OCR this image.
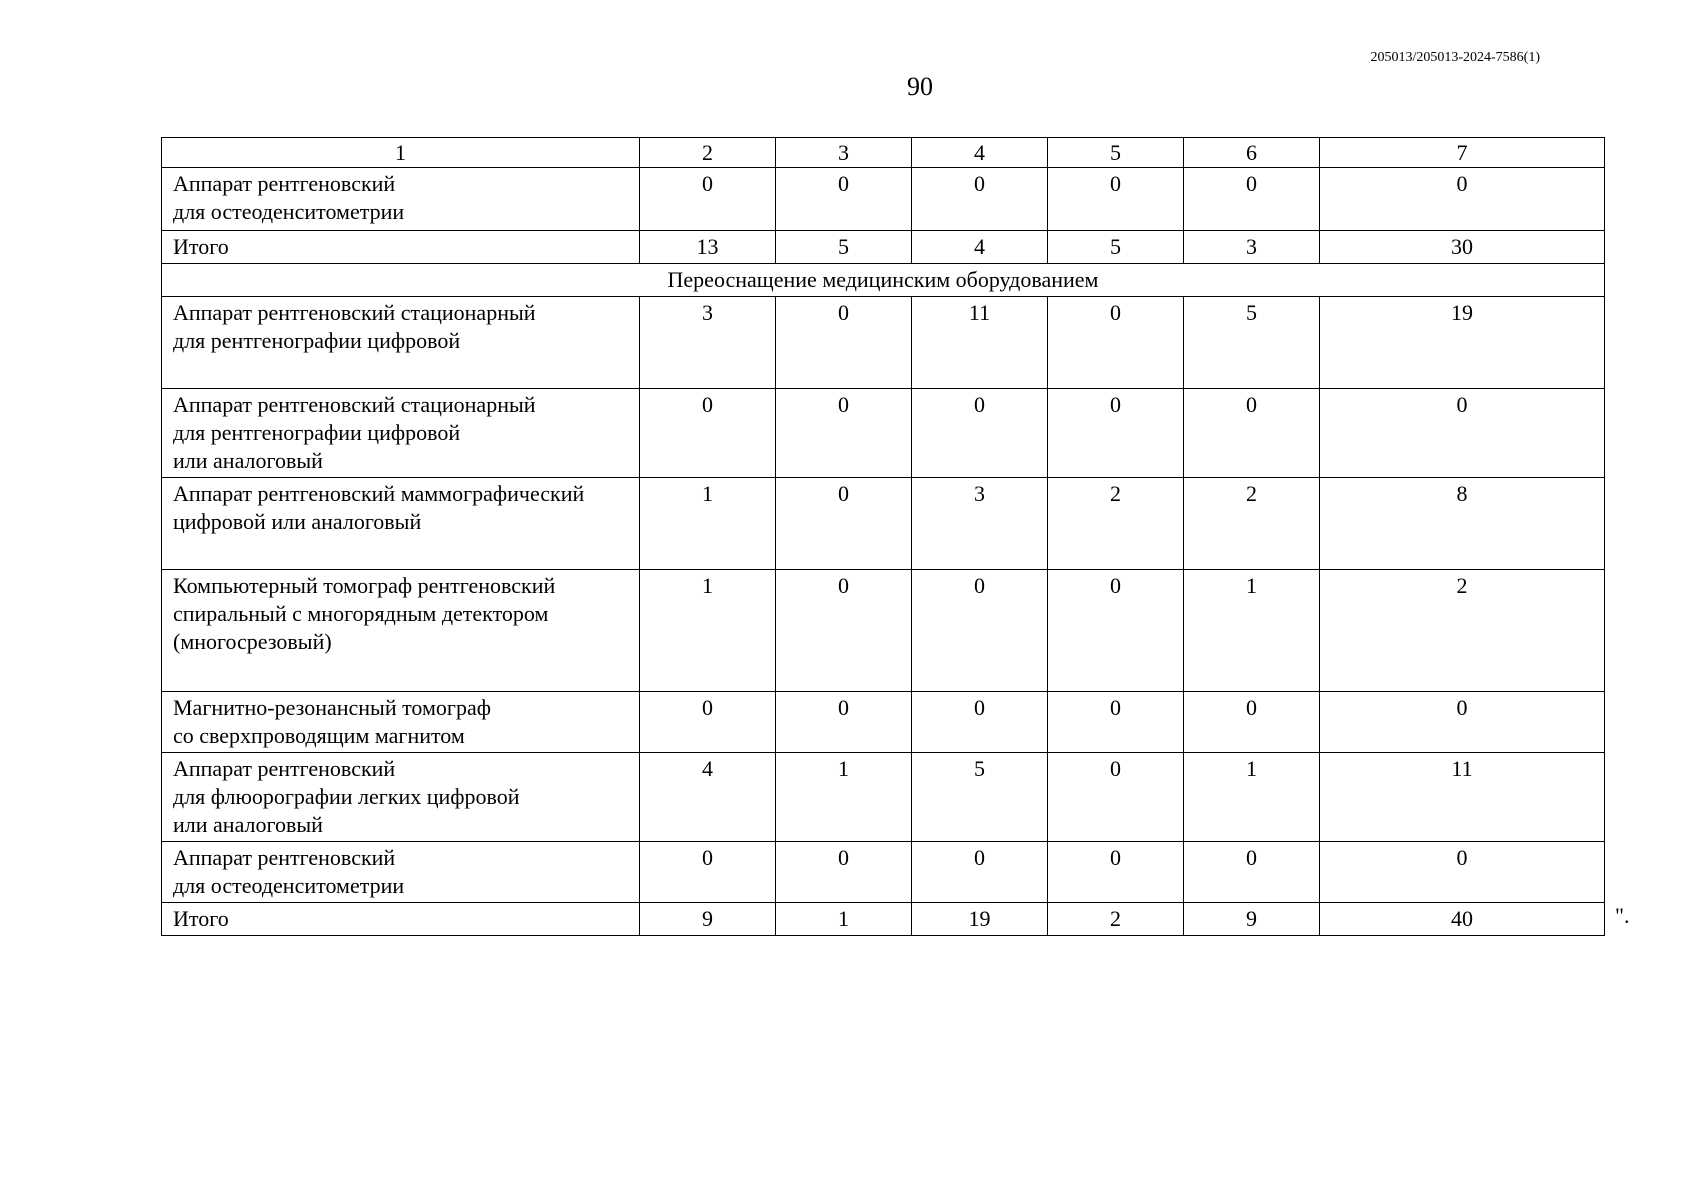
205013/205013-2024-7586(1)
90
1	2	3	4	5	6	7

Аппарат рентгеновский
для остеоденситометрии	0	0	0	0	0	0
Итого	13	5	4	5	3	30
Переоснащение медицинским оборудованием						

Аппарат рентгеновский стационарный
для рентгенографии цифровой	3	0	11	0	5	19

Аппарат рентгеновский стационарный
для рентгенографии цифровой
или аналоговый	0	0	0	0	0	0

Аппарат рентгеновский маммографический
цифровой или аналоговый	1	0	3	2	2	8

Компьютерный томограф рентгеновский
спиральный с многорядным детектором
(многосрезовый)	1	0	0	0	1	2

Магнитно-резонансный томограф
со сверхпроводящим магнитом	0	0	0	0	0	0

Аппарат рентгеновский
для флюорографии легких цифровой
или аналоговый	4	1	5	0	1	11

Аппарат рентгеновский
для остеоденситометрии	0	0	0	0	0	0
Итого	9	1	19	2	9	40	".
